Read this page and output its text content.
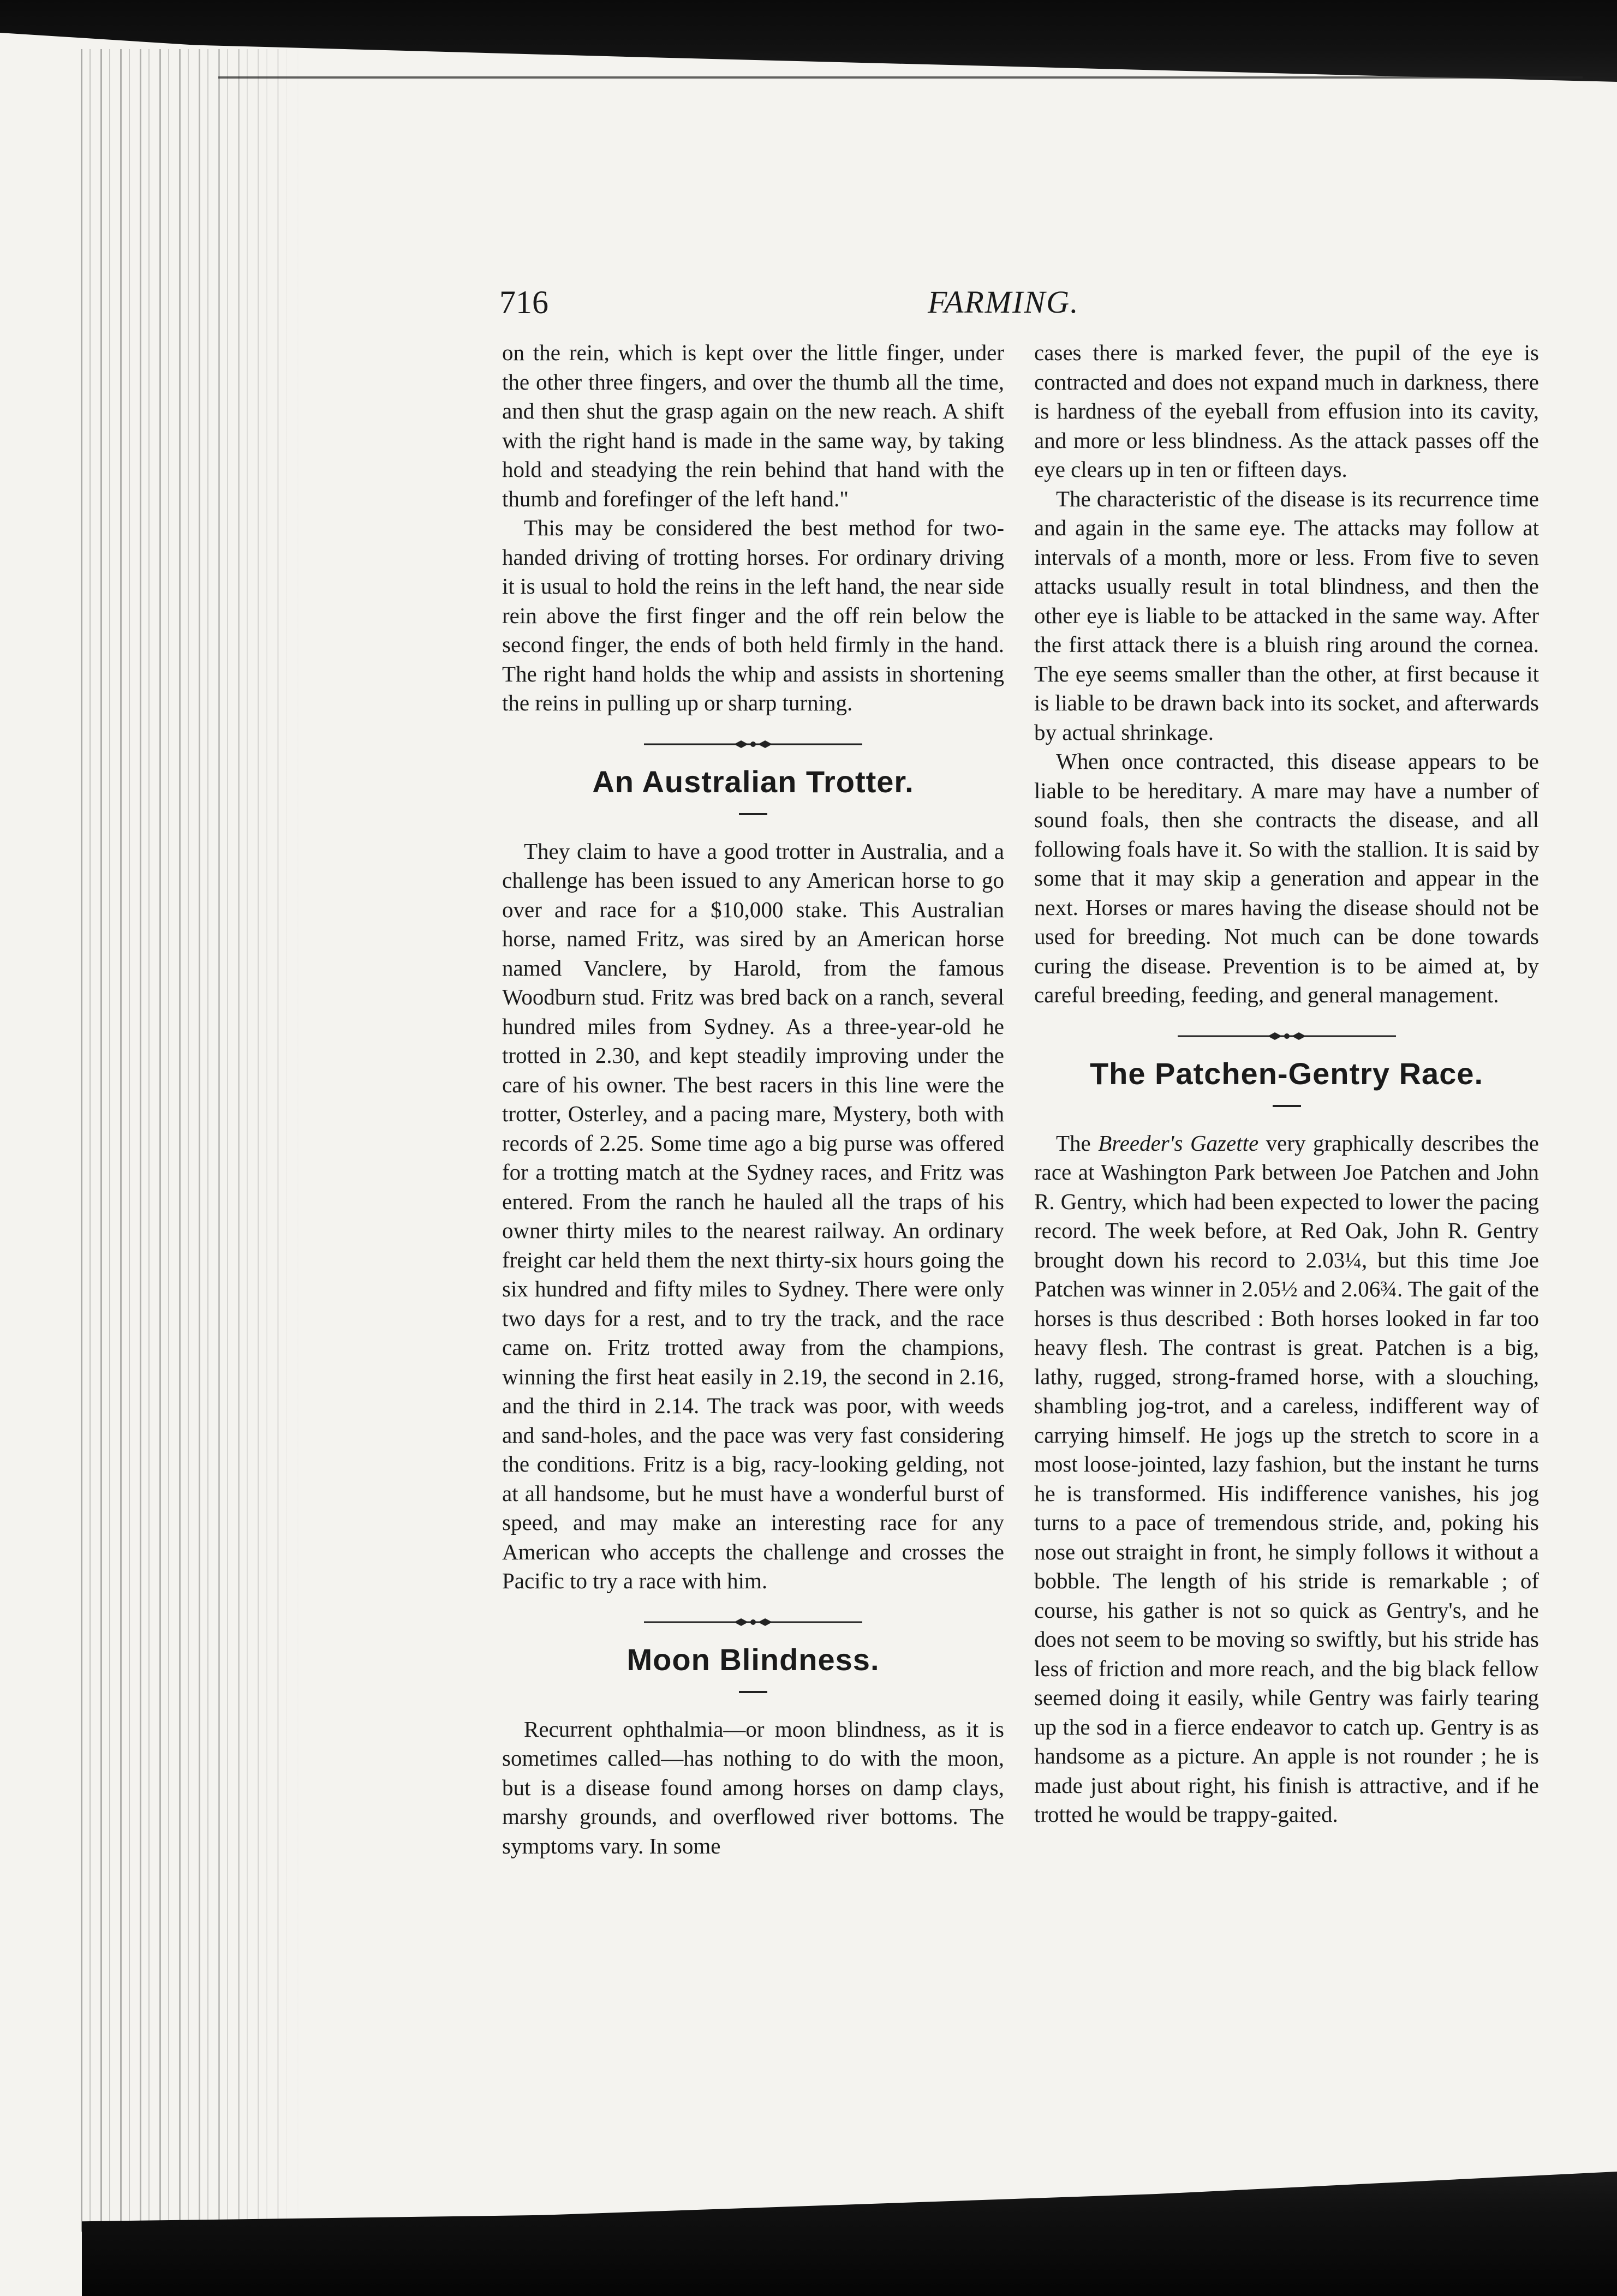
716	FARMING.

on the rein, which is kept over the little finger, under the other three fingers, and over the thumb all the time, and then shut the grasp again on the new reach. A shift with the right hand is made in the same way, by taking hold and steadying the rein behind that hand with the thumb and forefinger of the left hand."

This may be considered the best method for two-handed driving of trotting horses. For ordinary driving it is usual to hold the reins in the left hand, the near side rein above the first finger and the off rein below the second finger, the ends of both held firmly in the hand. The right hand holds the whip and assists in shortening the reins in pulling up or sharp turning.

An Australian Trotter.

They claim to have a good trotter in Australia, and a challenge has been issued to any American horse to go over and race for a $10,000 stake. This Australian horse, named Fritz, was sired by an American horse named Vanclere, by Harold, from the famous Woodburn stud. Fritz was bred back on a ranch, several hundred miles from Sydney. As a three-year-old he trotted in 2.30, and kept steadily improving under the care of his owner. The best racers in this line were the trotter, Osterley, and a pacing mare, Mystery, both with records of 2.25. Some time ago a big purse was offered for a trotting match at the Sydney races, and Fritz was entered. From the ranch he hauled all the traps of his owner thirty miles to the nearest railway. An ordinary freight car held them the next thirty-six hours going the six hundred and fifty miles to Sydney. There were only two days for a rest, and to try the track, and the race came on. Fritz trotted away from the champions, winning the first heat easily in 2.19, the second in 2.16, and the third in 2.14. The track was poor, with weeds and sand-holes, and the pace was very fast considering the conditions. Fritz is a big, racy-looking gelding, not at all handsome, but he must have a wonderful burst of speed, and may make an interesting race for any American who accepts the challenge and crosses the Pacific to try a race with him.

Moon Blindness.

Recurrent ophthalmia—or moon blindness, as it is sometimes called—has nothing to do with the moon, but is a disease found among horses on damp clays, marshy grounds, and overflowed river bottoms. The symptoms vary. In some

cases there is marked fever, the pupil of the eye is contracted and does not expand much in darkness, there is hardness of the eyeball from effusion into its cavity, and more or less blindness. As the attack passes off the eye clears up in ten or fifteen days.

The characteristic of the disease is its recurrence time and again in the same eye. The attacks may follow at intervals of a month, more or less. From five to seven attacks usually result in total blindness, and then the other eye is liable to be attacked in the same way. After the first attack there is a bluish ring around the cornea. The eye seems smaller than the other, at first because it is liable to be drawn back into its socket, and afterwards by actual shrinkage.

When once contracted, this disease appears to be liable to be hereditary. A mare may have a number of sound foals, then she contracts the disease, and all following foals have it. So with the stallion. It is said by some that it may skip a generation and appear in the next. Horses or mares having the disease should not be used for breeding. Not much can be done towards curing the disease. Prevention is to be aimed at, by careful breeding, feeding, and general management.

The Patchen-Gentry Race.

The Breeder's Gazette very graphically describes the race at Washington Park between Joe Patchen and John R. Gentry, which had been expected to lower the pacing record. The week before, at Red Oak, John R. Gentry brought down his record to 2.03¼, but this time Joe Patchen was winner in 2.05½ and 2.06¾. The gait of the horses is thus described : Both horses looked in far too heavy flesh. The contrast is great. Patchen is a big, lathy, rugged, strong-framed horse, with a slouching, shambling jog-trot, and a careless, indifferent way of carrying himself. He jogs up the stretch to score in a most loose-jointed, lazy fashion, but the instant he turns he is transformed. His indifference vanishes, his jog turns to a pace of tremendous stride, and, poking his nose out straight in front, he simply follows it without a bobble. The length of his stride is remarkable ; of course, his gather is not so quick as Gentry's, and he does not seem to be moving so swiftly, but his stride has less of friction and more reach, and the big black fellow seemed doing it easily, while Gentry was fairly tearing up the sod in a fierce endeavor to catch up. Gentry is as handsome as a picture. An apple is not rounder ; he is made just about right, his finish is attractive, and if he trotted he would be trappy-gaited.
